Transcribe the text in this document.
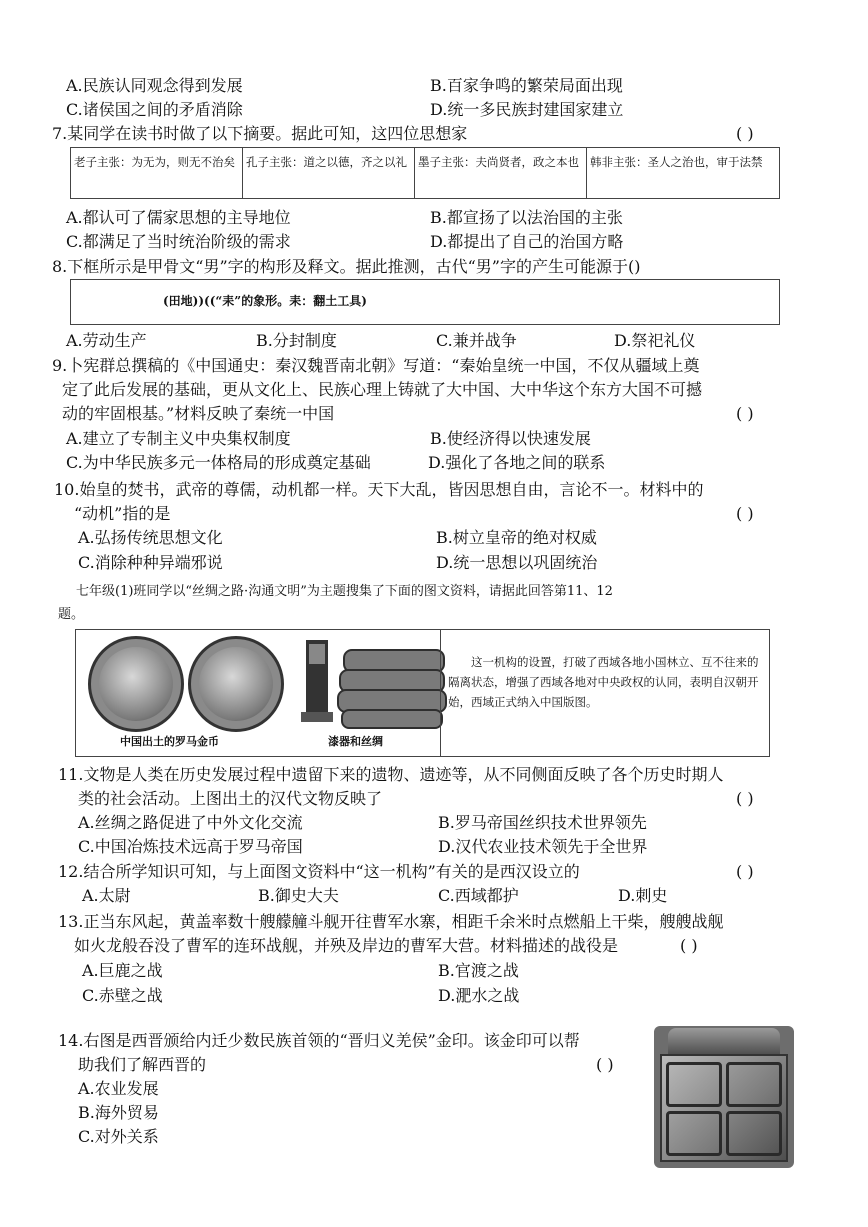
A.民族认同观念得到发展	B.百家争鸣的繁荣局面出现
C.诸侯国之间的矛盾消除	D.统一多民族封建国家建立
7.某同学在读书时做了以下摘要。据此可知，这四位思想家	( )
老子主张：为无为，则无不治矣 孔子主张：道之以德，齐之以礼 墨子主张：夫尚贤者，政之本也 韩非主张：圣人之治也，审于法禁
A.都认可了儒家思想的主导地位	B.都宣扬了以法治国的主张
C.都满足了当时统治阶级的需求	D.都提出了自己的治国方略
8.下框所示是甲骨文“男”字的构形及释文。据此推测，古代“男”字的产生可能源于()
(田地))((“耒”的象形。耒：翻土工具)
A.劳动生产	B.分封制度	C.兼并战争	D.祭祀礼仪
9.卜宪群总撰稿的《中国通史：秦汉魏晋南北朝》写道：“秦始皇统一中国，不仅从疆域上奠
定了此后发展的基础，更从文化上、民族心理上铸就了大中国、大中华这个东方大国不可撼
动的牢固根基。”材料反映了秦统一中国	( )
A.建立了专制主义中央集权制度	B.使经济得以快速发展
C.为中华民族多元一体格局的形成奠定基础	D.强化了各地之间的联系
10.始皇的焚书，武帝的尊儒，动机都一样。天下大乱，皆因思想自由，言论不一。材料中的
“动机”指的是	( )
A.弘扬传统思想文化	B.树立皇帝的绝对权威
C.消除种种异端邪说	D.统一思想以巩固统治
七年级(1)班同学以“丝绸之路·沟通文明”为主题搜集了下面的图文资料，请据此回答第11、12
题。
中国出土的罗马金币	漆器和丝绸
这一机构的设置，打破了西域各地小国林立、互不往来的隔离状态，增强了西域各地对中央政权的认同，表明自汉朝开始，西域正式纳入中国版图。
11.文物是人类在历史发展过程中遗留下来的遗物、遗迹等，从不同侧面反映了各个历史时期人
类的社会活动。上图出土的汉代文物反映了	( )
A.丝绸之路促进了中外文化交流	B.罗马帝国丝织技术世界领先
C.中国冶炼技术远高于罗马帝国	D.汉代农业技术领先于全世界
12.结合所学知识可知，与上面图文资料中“这一机构”有关的是西汉设立的	( )
A.太尉	B.御史大夫	C.西域都护	D.刺史
13.正当东风起，黄盖率数十艘艨艟斗舰开往曹军水寨，相距千余米时点燃船上干柴，艘艘战舰
如火龙般吞没了曹军的连环战舰，并殃及岸边的曹军大营。材料描述的战役是	( )
A.巨鹿之战	B.官渡之战
C.赤壁之战	D.淝水之战
14.右图是西晋颁给内迁少数民族首领的“晋归义羌侯”金印。该金印可以帮
助我们了解西晋的	( )
A.农业发展
B.海外贸易
C.对外关系
